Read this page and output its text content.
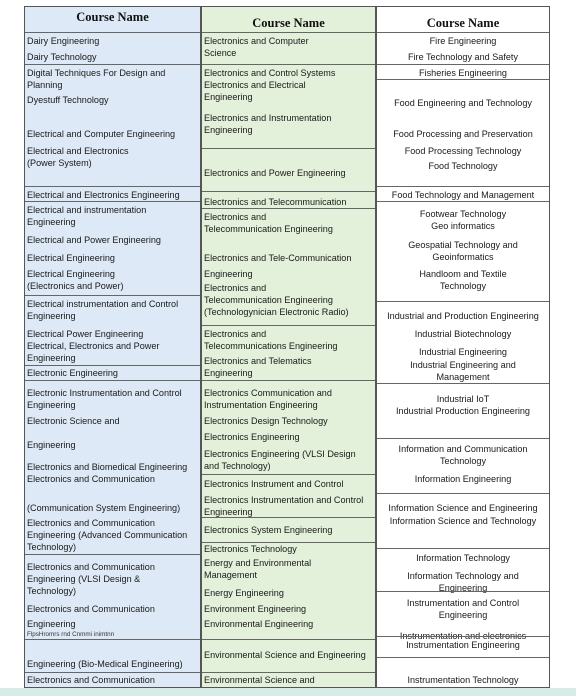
Course Name
Dairy Engineering
Dairy Technology
Digital Techniques For Design and
Planning
Dyestuff Technology
Electrical and Computer Engineering
Electrical and Electronics
(Power System)
Electrical and Electronics Engineering
Electrical and instrumentation
Engineering
Electrical and Power Engineering
Electrical Engineering
Electrical Engineering
(Electronics and Power)
Electrical instrumentation and Control
Engineering
Electrical Power Engineering
Electrical, Electronics and Power
Engineering
Electronic Engineering
Electronic Instrumentation and Control
Engineering
Electronic Science and

Engineering
Electronics and Biomedical Engineering
Electronics and Communication
(Communication System Engineering)
Electronics and Communication
Engineering (Advanced Communication
Technology)
Electronics and Communication
Engineering (VLSI Design &
Technology)
Electronics and Communication
Engineering
FlpsHromrs rnd Cnmmi inimtnn
Engineering (Bio-Medical Engineering)
Electronics and Communication
Course Name
Electronics and Computer
Science
Electronics and Control Systems
Electronics and Electrical
Engineering
Electronics and Instrumentation
Engineering
Electronics and Power Engineering
Electronics and Telecommunication
Electronics and
Telecommunication Engineering
Electronics and Tele-Communication
Engineering
Electronics and
Telecommunication Engineering
(Technologynician Electronic Radio)
Electronics and
Telecommunications Engineering
Electronics and Telematics
Engineering
Electronics Communication and
Instrumentation Engineering
Electronics Design Technology
Electronics Engineering
Electronics Engineering (VLSI Design
and Technology)
Electronics Instrument and Control
Electronics Instrumentation and Control
Engineering
Electronics System Engineering
Electronics Technology
Energy and Environmental
Management
Energy Engineering
Environment Engineering
Environmental Engineering
Environmental Science and Engineering
Environmental Science and
Course Name
Fire Engineering
Fire Technology and Safety
Fisheries Engineering
Food Engineering and Technology
Food Processing and Preservation
Food Processing Technology
Food Technology
Food Technology and Management
Footwear Technology
Geo informatics
Geospatial Technology and
Geoinformatics
Handloom and Textile
Technology
Industrial and Production Engineering
Industrial Biotechnology
Industrial Engineering
Industrial Engineering and
Management
Industrial IoT
Industrial Production Engineering
Information and Communication
Technology
Information Engineering
Information Science and Engineering
Information Science and Technology
Information Technology
Information Technology and
Engineering
Instrumentation and Control
Engineering
Instrumentation and electronics
Instrumentation Engineering
Instrumentation Technology
